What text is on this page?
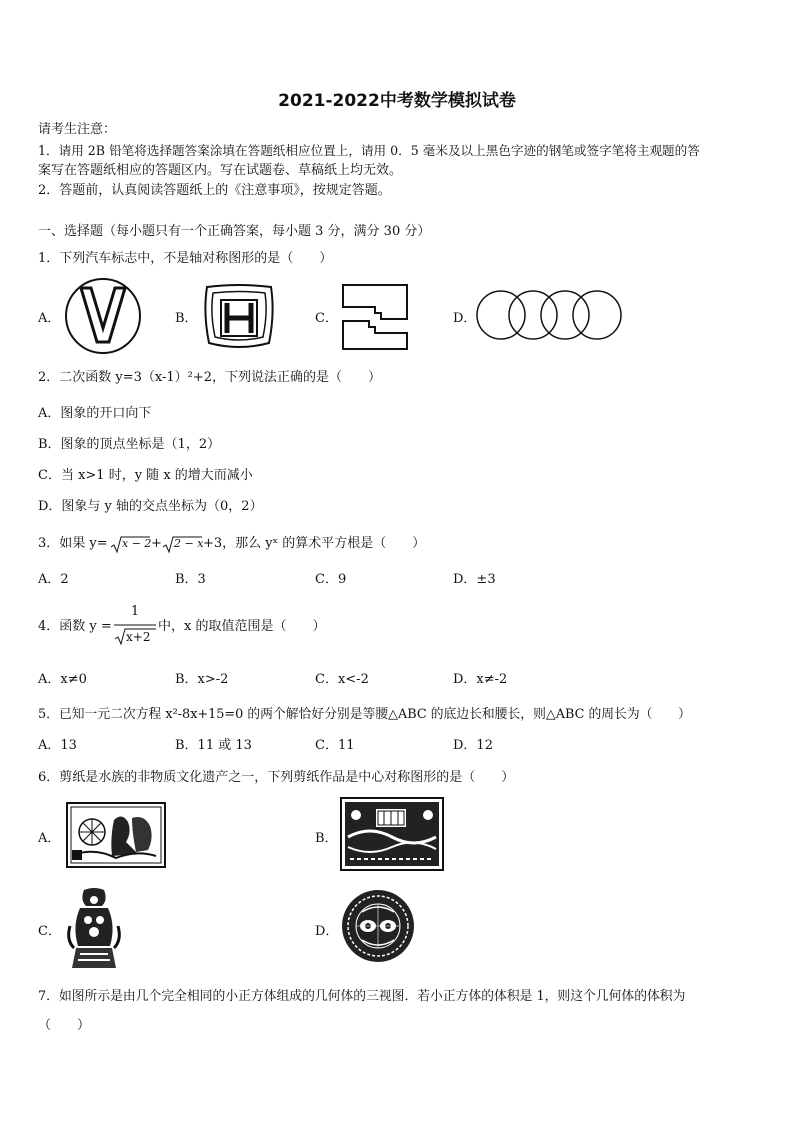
2021-2022中考数学模拟试卷
请考生注意：
1．请用 2B 铅笔将选择题答案涂填在答题纸相应位置上，请用 0．5 毫米及以上黑色字迹的钢笔或签字笔将主观题的答
案写在答题纸相应的答题区内。写在试题卷、草稿纸上均无效。
2．答题前，认真阅读答题纸上的《注意事项》，按规定答题。
一、选择题（每小题只有一个正确答案，每小题 3 分，满分 30 分）
1．下列汽车标志中，不是轴对称图形的是（　　）
A．	B．	C．	D．
2．二次函数 y=3（x-1）²+2，下列说法正确的是（　　）
A．图象的开口向下
B．图象的顶点坐标是（1，2）
C．当 x>1 时，y 随 x 的增大而减小
D．图象与 y 轴的交点坐标为（0，2）
3．如果 y= x − 2 + 2 − x +3，那么 yˣ 的算术平方根是（　　）
A．2	B．3	C．9	D．±3
4．函数 y =
1
x+2
中，x 的取值范围是（　　）
A．x≠0	B．x>-2	C．x<-2	D．x≠-2
5．已知一元二次方程 x²-8x+15=0 的两个解恰好分别是等腰△ABC 的底边长和腰长，则△ABC 的周长为（　　）
A．13	B．11 或 13	C．11	D．12
6．剪纸是水族的非物质文化遗产之一，下列剪纸作品是中心对称图形的是（　　）
A．	B．
C．	D．
7．如图所示是由几个完全相同的小正方体组成的几何体的三视图．若小正方体的体积是 1，则这个几何体的体积为
（　　）
